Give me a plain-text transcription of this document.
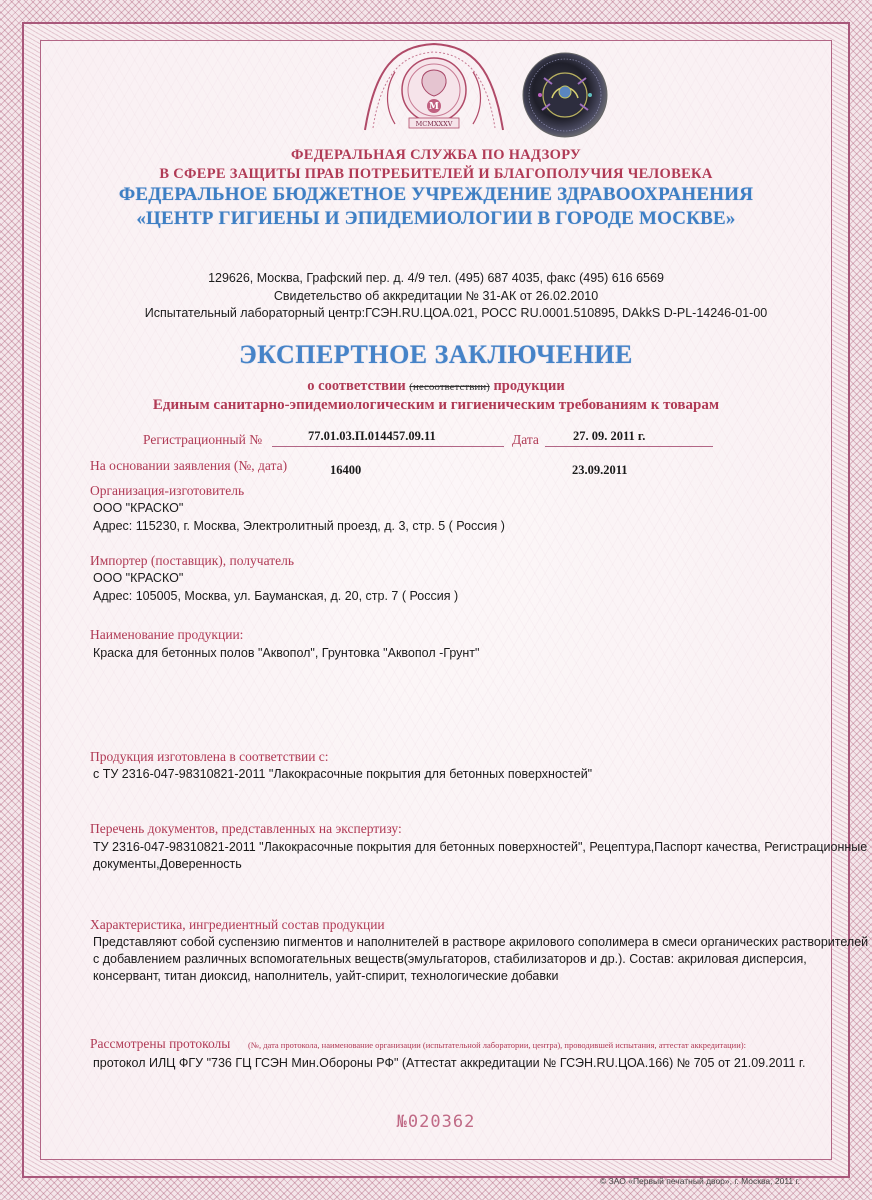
М
MCMXXXV
ФЕДЕРАЛЬНАЯ СЛУЖБА ПО НАДЗОРУ
В СФЕРЕ ЗАЩИТЫ ПРАВ ПОТРЕБИТЕЛЕЙ И БЛАГОПОЛУЧИЯ ЧЕЛОВЕКА
ФЕДЕРАЛЬНОЕ БЮДЖЕТНОЕ УЧРЕЖДЕНИЕ ЗДРАВООХРАНЕНИЯ
«ЦЕНТР ГИГИЕНЫ И ЭПИДЕМИОЛОГИИ В ГОРОДЕ МОСКВЕ»
129626, Москва, Графский пер. д. 4/9 тел. (495) 687 4035, факс (495) 616 6569
Свидетельство об аккредитации № 31-АК от 26.02.2010
Испытательный лабораторный центр:ГСЭН.RU.ЦОА.021, РОСС RU.0001.510895, DAkkS D-PL-14246-01-00
ЭКСПЕРТНОЕ ЗАКЛЮЧЕНИЕ
о соответствии (несоответствии) продукции
Единым санитарно-эпидемиологическим и гигиеническим требованиям к товарам
Регистрационный №	77.01.03.П.014457.09.11	Дата	27. 09. 2011 г.
На основании заявления (№, дата)	16400	23.09.2011
Организация-изготовитель
ООО "КРАСКО"
Адрес: 115230, г. Москва, Электролитный проезд, д. 3, стр. 5 ( Россия )
Импортер (поставщик), получатель
ООО "КРАСКО"
Адрес: 105005, Москва, ул. Бауманская, д. 20, стр. 7 ( Россия )
Наименование продукции:
Краска для бетонных полов "Аквопол", Грунтовка "Аквопол -Грунт"
Продукция изготовлена в соответствии с:
с ТУ 2316-047-98310821-2011 "Лакокрасочные покрытия для бетонных поверхностей"
Перечень документов, представленных на экспертизу:
ТУ 2316-047-98310821-2011 "Лакокрасочные покрытия для бетонных поверхностей", Рецептура,Паспорт качества, Регистрационные
документы,Доверенность
Характеристика, ингредиентный состав продукции
Представляют собой суспензию пигментов и наполнителей в растворе акрилового сополимера в смеси органических растворителей
с добавлением различных вспомогательных веществ(эмульгаторов, стабилизаторов и др.). Состав: акриловая дисперсия,
консервант, титан диоксид, наполнитель, уайт-спирит, технологические добавки
Рассмотрены протоколы (№, дата протокола, наименование организации (испытательной лаборатории, центра), проводившей испытания, аттестат аккредитации):
протокол ИЛЦ ФГУ "736 ГЦ ГСЭН Мин.Обороны РФ" (Аттестат аккредитации № ГСЭН.RU.ЦОА.166) № 705 от 21.09.2011 г.
№020362
© ЗАО «Первый печатный двор», г. Москва, 2011 г.
